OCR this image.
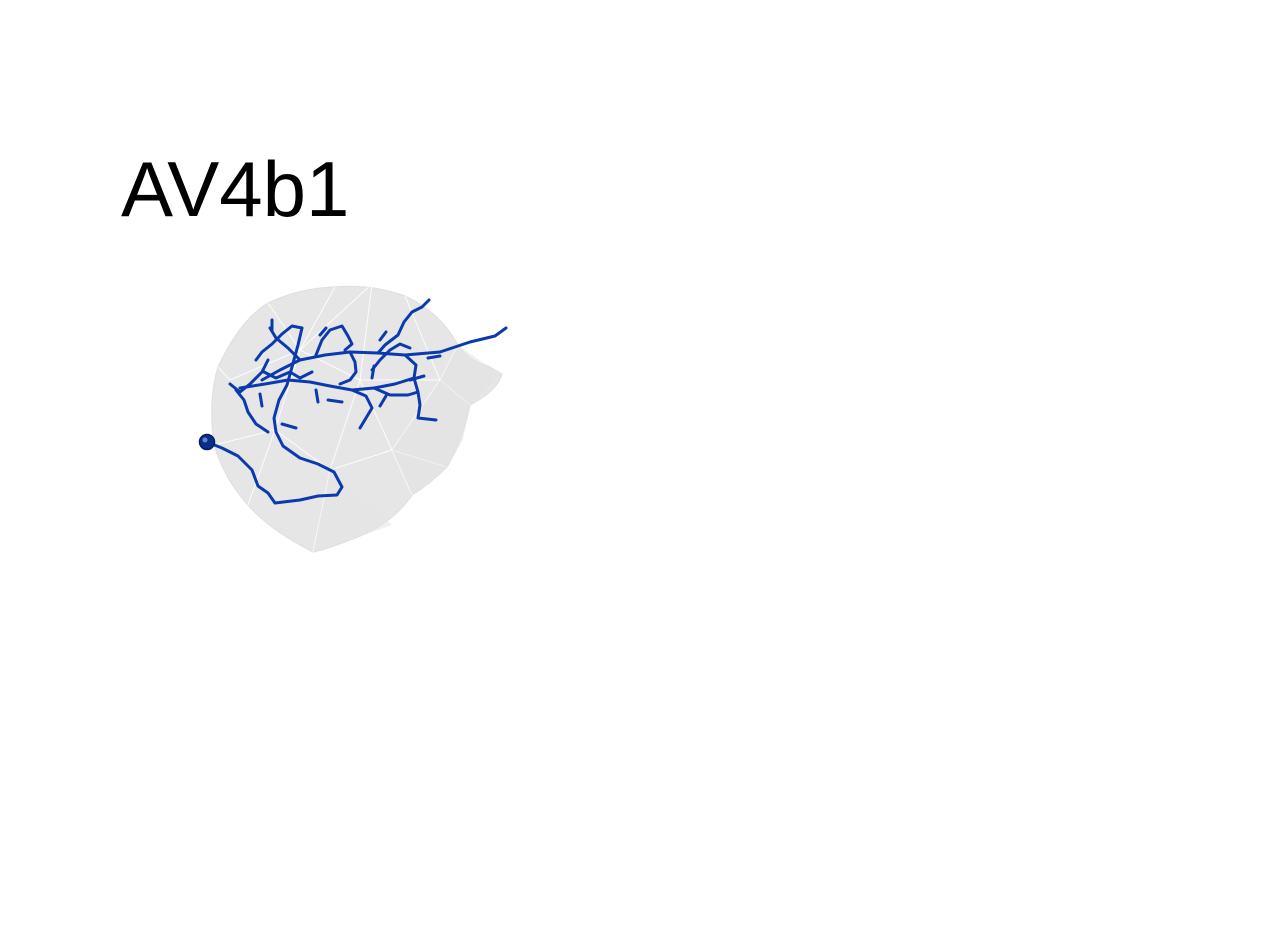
AV4b1
